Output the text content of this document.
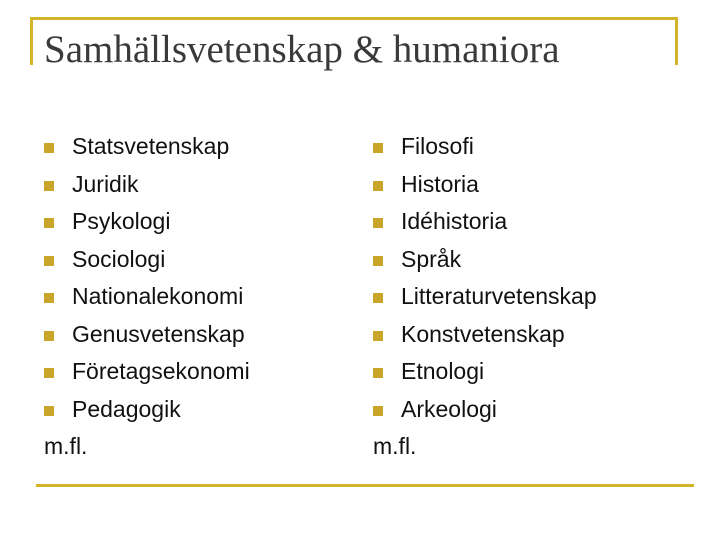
Samhällsvetenskap & humaniora
Statsvetenskap
Juridik
Psykologi
Sociologi
Nationalekonomi
Genusvetenskap
Företagsekonomi
Pedagogik
m.fl.
Filosofi
Historia
Idéhistoria
Språk
Litteraturvetenskap
Konstvetenskap
Etnologi
Arkeologi
m.fl.
